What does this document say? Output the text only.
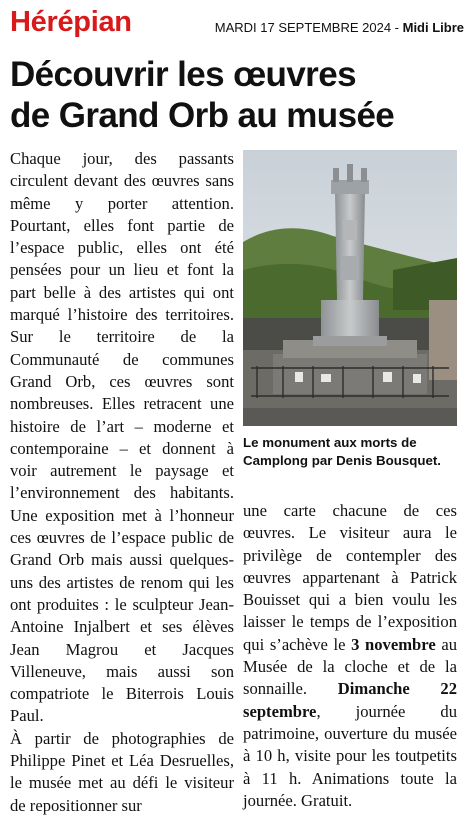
Hérépian	MARDI 17 SEPTEMBRE 2024 - Midi Libre
Découvrir les œuvres
de Grand Orb au musée

Chaque jour, des passants circulent devant des œuvres sans même y porter attention. Pourtant, elles font partie de l’espace public, elles ont été pensées pour un lieu et font la part belle à des artistes qui ont marqué l’histoire des territoires. Sur le territoire de la Communauté de communes Grand Orb, ces œuvres sont nombreuses. Elles retracent une histoire de l’art – moderne et contemporaine – et donnent à voir autrement le paysage et l’environnement des habitants. Une exposition met à l’honneur ces œuvres de l’espace public de Grand Orb mais aussi quelques-uns des artistes de renom qui les ont produites : le sculpteur Jean-Antoine Injalbert et ses élèves Jean Magrou et Jacques Villeneuve, mais aussi son compatriote le Biterrois Louis Paul.

À partir de photographies de Philippe Pinet et Léa Desruelles, le musée met au défi le visiteur de repositionner sur

Le monument aux morts de Camplong par Denis Bousquet.

une carte chacune de ces œuvres. Le visiteur aura le privilège de contempler des œuvres appartenant à Patrick Bouisset qui a bien voulu les laisser le temps de l’exposition qui s’achève le 3 novembre au Musée de la cloche et de la sonnaille. Dimanche 22 septembre, journée du patrimoine, ouverture du musée à 10 h, visite pour les toutpetits à 11 h. Animations toute la journée. Gratuit.
